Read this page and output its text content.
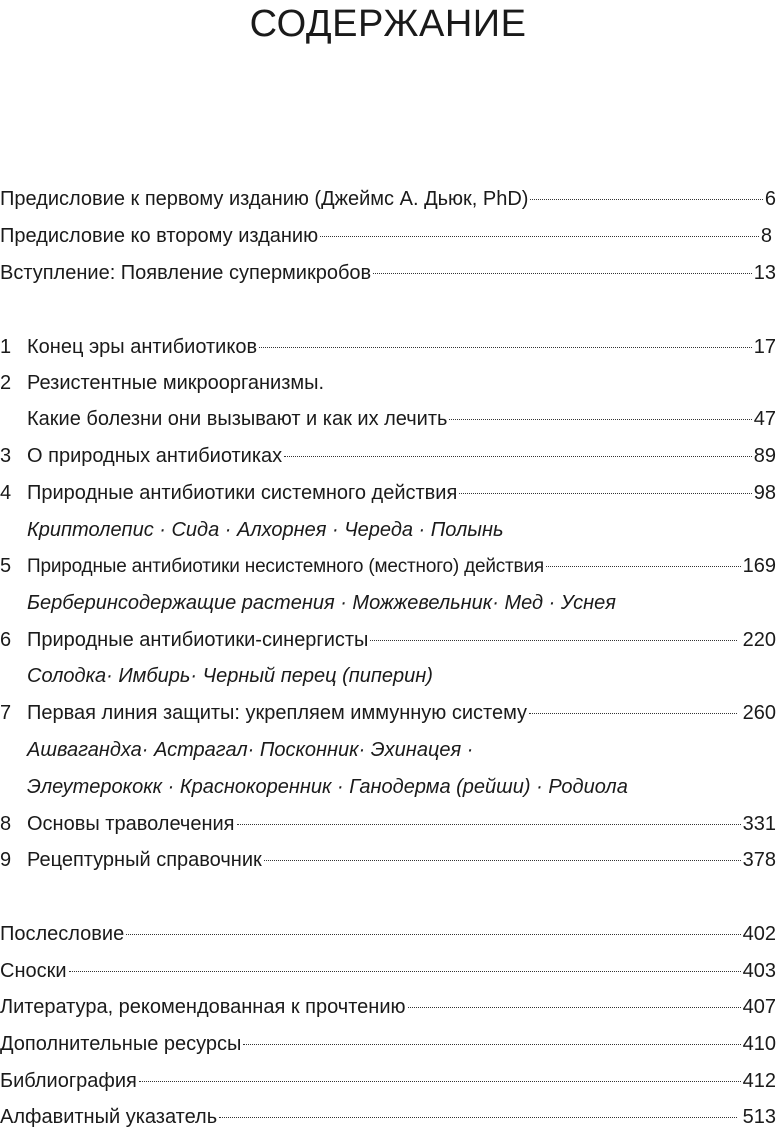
СОДЕРЖАНИЕ
Предисловие к первому изданию (Джеймс А. Дьюк, PhD)	6
Предисловие ко второму изданию	8
Вступление: Появление супермикробов	13
1 Конец эры антибиотиков	17
2 Резистентные микроорганизмы.
Какие болезни они вызывают и как их лечить	47
3 О природных антибиотиках	89
4 Природные антибиотики системного действия	98
Криптолепис · Сида · Алхорнея · Череда · Полынь
5 Природные антибиотики несистемного (местного) действия	169
Берберинсодержащие растения · Можжевельник· Мед · Уснея
6 Природные антибиотики-синергисты	220
Солодка· Имбирь· Черный перец (пиперин)
7 Первая линия защиты: укрепляем иммунную систему	260
Ашвагандха· Астрагал· Посконник· Эхинацея ·
Элеутерококк · Краснокоренник · Ганодерма (рейши) · Родиола
8 Основы траволечения	331
9 Рецептурный справочник	378
Послесловие	402
Сноски	403
Литература, рекомендованная к прочтению	407
Дополнительные ресурсы	410
Библиография	412
Алфавитный указатель	513
